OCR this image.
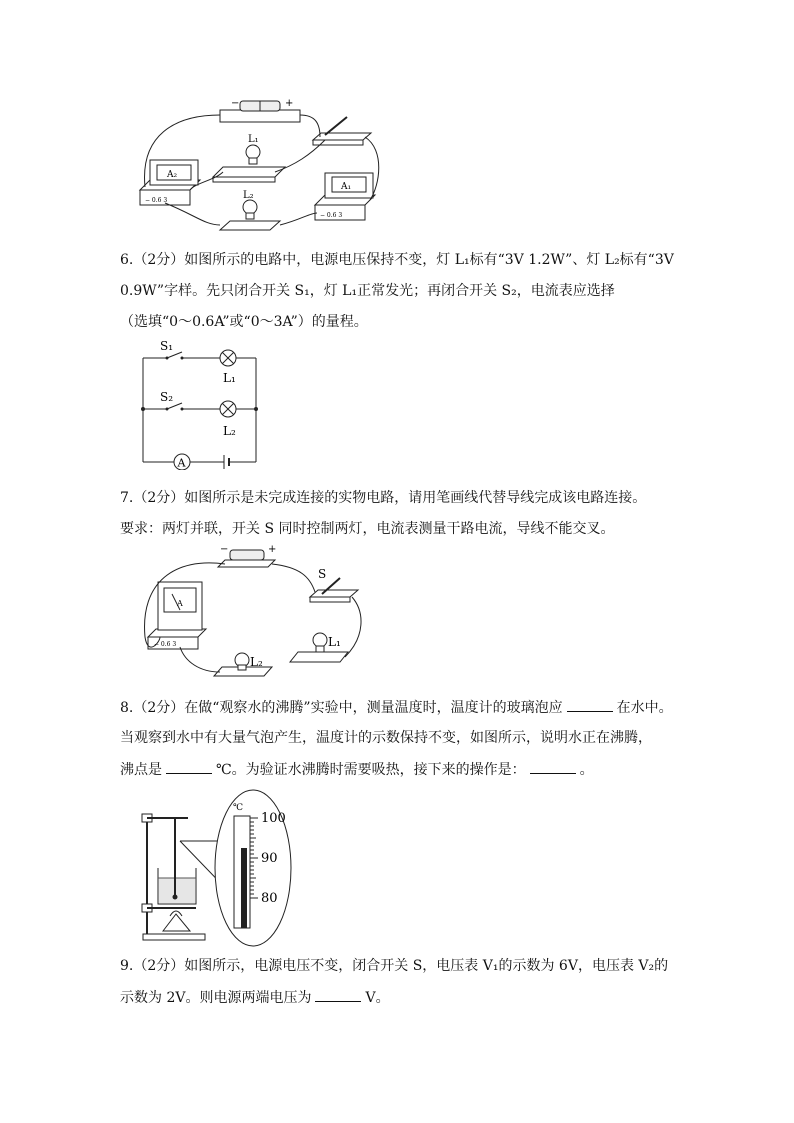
−	+
L₁
L₂
A₂
− 0.6 3
A₁
− 0.6 3
6.（2分）如图所示的电路中，电源电压保持不变，灯 L₁标有“3V 1.2W”、灯 L₂标有“3V
0.9W”字样。先只闭合开关 S₁，灯 L₁正常发光；再闭合开关 S₂，电流表应选择
（选填“0～0.6A”或“0～3A”）的量程。
S₁
L₁
S₂
L₂
A
7.（2分）如图所示是未完成连接的实物电路，请用笔画线代替导线完成该电路连接。
要求：两灯并联，开关 S 同时控制两灯，电流表测量干路电流，导线不能交叉。
−	+
S
A
− 0.6 3	L₁
L₂
8.（2分）在做“观察水的沸腾”实验中，测量温度时，温度计的玻璃泡应	在水中。
当观察到水中有大量气泡产生，温度计的示数保持不变，如图所示，说明水正在沸腾，
沸点是	℃。为验证水沸腾时需要吸热，接下来的操作是：	。
℃
100
90
80
9.（2分）如图所示，电源电压不变，闭合开关 S，电压表 V₁的示数为 6V，电压表 V₂的
示数为 2V。则电源两端电压为	V。
